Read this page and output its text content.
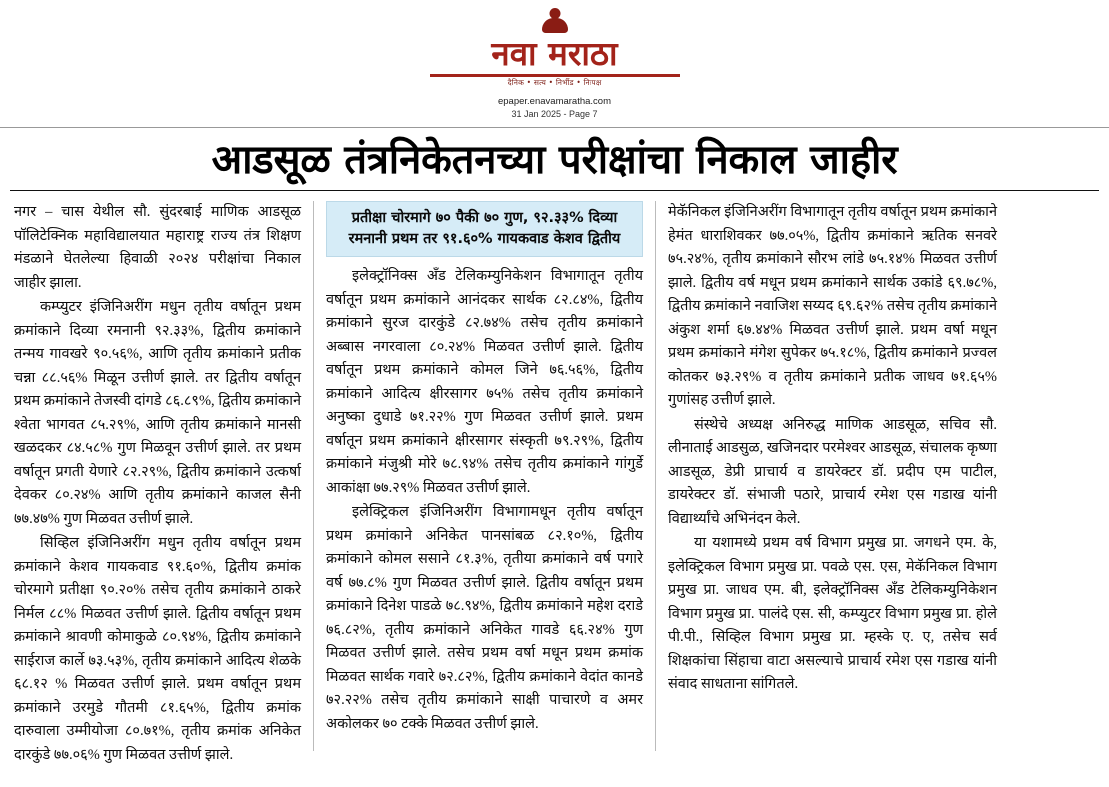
नवा मराठा
दैनिक • सत्य • निर्भीड • निःपक्ष
epaper.enavamaratha.com
31 Jan 2025 - Page 7
आडसूळ तंत्रनिकेतनच्या परीक्षांचा निकाल जाहीर

नगर – चास येथील सौ. सुंदरबाई माणिक आडसूळ पॉलिटेक्निक महाविद्यालयात महाराष्ट्र राज्य तंत्र शिक्षण मंडळाने घेतलेल्या हिवाळी २०२४ परीक्षांचा निकाल जाहीर झाला.

कम्प्युटर इंजिनिअरींग मधुन तृतीय वर्षातून प्रथम क्रमांकाने दिव्या रमनानी ९२.३३%, द्वितीय क्रमांकाने तन्मय गावखरे ९०.५६%, आणि तृतीय क्रमांकाने प्रतीक चन्ना ८८.५६% मिळून उत्तीर्ण झाले. तर द्वितीय वर्षातून प्रथम क्रमांकाने तेजस्वी दांगडे ८६.८९%, द्वितीय क्रमांकाने श्वेता भागवत ८५.२९%, आणि तृतीय क्रमांकाने मानसी खळदकर ८४.५८% गुण मिळवून उत्तीर्ण झाले. तर प्रथम वर्षातून प्रगती येणारे ८२.२९%, द्वितीय क्रमांकाने उत्कर्षा देवकर ८०.२४% आणि तृतीय क्रमांकाने काजल सैनी ७७.४७% गुण मिळवत उत्तीर्ण झाले.

सिव्हिल इंजिनिअरींग मधुन तृतीय वर्षातून प्रथम क्रमांकाने केशव गायकवाड ९१.६०%, द्वितीय क्रमांक चोरमागे प्रतीक्षा ९०.२०% तसेच तृतीय क्रमांकाने ठाकरे निर्मल ८८% मिळवत उत्तीर्ण झाले. द्वितीय वर्षातून प्रथम क्रमांकाने श्रावणी कोमाकुळे ८०.९४%, द्वितीय क्रमांकाने साईराज कार्ले ७३.५३%, तृतीय क्रमांकाने आदित्य शेळके ६८.१२ % मिळवत उत्तीर्ण झाले. प्रथम वर्षातून प्रथम क्रमांकाने उरमुडे गौतमी ८१.६५%, द्वितीय क्रमांक दारुवाला उम्मीयोजा ८०.७१%, तृतीय क्रमांक अनिकेत दारकुंडे ७७.०६% गुण मिळवत उत्तीर्ण झाले.

प्रतीक्षा चोरमागे ७० पैकी ७० गुण, ९२.३३% दिव्या रमनानी प्रथम तर ९१.६०% गायकवाड केशव द्वितीय

इलेक्ट्रॉनिक्स अँड टेलिकम्युनिकेशन विभागातून तृतीय वर्षातून प्रथम क्रमांकाने आनंदकर सार्थक ८२.८४%, द्वितीय क्रमांकाने सुरज दारकुंडे ८२.७४% तसेच तृतीय क्रमांकाने अब्बास नगरवाला ८०.२४% मिळवत उत्तीर्ण झाले. द्वितीय वर्षातून प्रथम क्रमांकाने कोमल जिने ७६.५६%, द्वितीय क्रमांकाने आदित्य क्षीरसागर ७५% तसेच तृतीय क्रमांकाने अनुष्का दुधाडे ७१.२२% गुण मिळवत उत्तीर्ण झाले. प्रथम वर्षातून प्रथम क्रमांकाने क्षीरसागर संस्कृती ७९.२९%, द्वितीय क्रमांकाने मंजुश्री मोरे ७८.९४% तसेच तृतीय क्रमांकाने गांगुर्डे आकांक्षा ७७.२९% मिळवत उत्तीर्ण झाले.

इलेक्ट्रिकल इंजिनिअरींग विभागामधून तृतीय वर्षातून प्रथम क्रमांकाने अनिकेत पानसांबळ ८२.१०%, द्वितीय क्रमांकाने कोमल ससाने ८१.३%, तृतीया क्रमांकाने वर्ष पगारे वर्ष ७७.८% गुण मिळवत उत्तीर्ण झाले. द्वितीय वर्षातून प्रथम क्रमांकाने दिनेश पाडळे ७८.९४%, द्वितीय क्रमांकाने महेश दराडे ७६.८२%, तृतीय क्रमांकाने अनिकेत गावडे ६६.२४% गुण मिळवत उत्तीर्ण झाले. तसेच प्रथम वर्षा मधून प्रथम क्रमांक मिळवत सार्थक गवारे ७२.८२%, द्वितीय क्रमांकाने वेदांत कानडे ७२.२२% तसेच तृतीय क्रमांकाने साक्षी पाचारणे व अमर अकोलकर ७० टक्के मिळवत उत्तीर्ण झाले.

मेकॅनिकल इंजिनिअरींग विभागातून तृतीय वर्षातून प्रथम क्रमांकाने हेमंत धाराशिवकर ७७.०५%, द्वितीय क्रमांकाने ऋतिक सनवरे ७५.२४%, तृतीय क्रमांकाने सौरभ लांडे ७५.१४% मिळवत उत्तीर्ण झाले. द्वितीय वर्ष मधून प्रथम क्रमांकाने सार्थक उकांडे ६९.७८%, द्वितीय क्रमांकाने नवाजिश सय्यद ६९.६२% तसेच तृतीय क्रमांकाने अंकुश शर्मा ६७.४४% मिळवत उत्तीर्ण झाले. प्रथम वर्षा मधून प्रथम क्रमांकाने मंगेश सुपेकर ७५.१८%, द्वितीय क्रमांकाने प्रज्वल कोतकर ७३.२९% व तृतीय क्रमांकाने प्रतीक जाधव ७१.६५% गुणांसह उत्तीर्ण झाले.

संस्थेचे अध्यक्ष अनिरुद्ध माणिक आडसूळ, सचिव सौ. लीनाताई आडसुळ, खजिनदार परमेश्वर आडसूळ, संचालक कृष्णा आडसूळ, डेप्री प्राचार्य व डायरेक्टर डॉ. प्रदीप एम पाटील, डायरेक्टर डॉ. संभाजी पठारे, प्राचार्य रमेश एस गडाख यांनी विद्यार्थ्यांचे अभिनंदन केले.

या यशामध्ये प्रथम वर्ष विभाग प्रमुख प्रा. जगधने एम. के, इलेक्ट्रिकल विभाग प्रमुख प्रा. पवळे एस. एस, मेकॅनिकल विभाग प्रमुख प्रा. जाधव एम. बी, इलेक्ट्रॉनिक्स अँड टेलिकम्युनिकेशन विभाग प्रमुख प्रा. पालंदे एस. सी, कम्प्युटर विभाग प्रमुख प्रा. होले पी.पी., सिव्हिल विभाग प्रमुख प्रा. म्हस्के ए. ए, तसेच सर्व शिक्षकांचा सिंहाचा वाटा असल्याचे प्राचार्य रमेश एस गडाख यांनी संवाद साधताना सांगितले.
